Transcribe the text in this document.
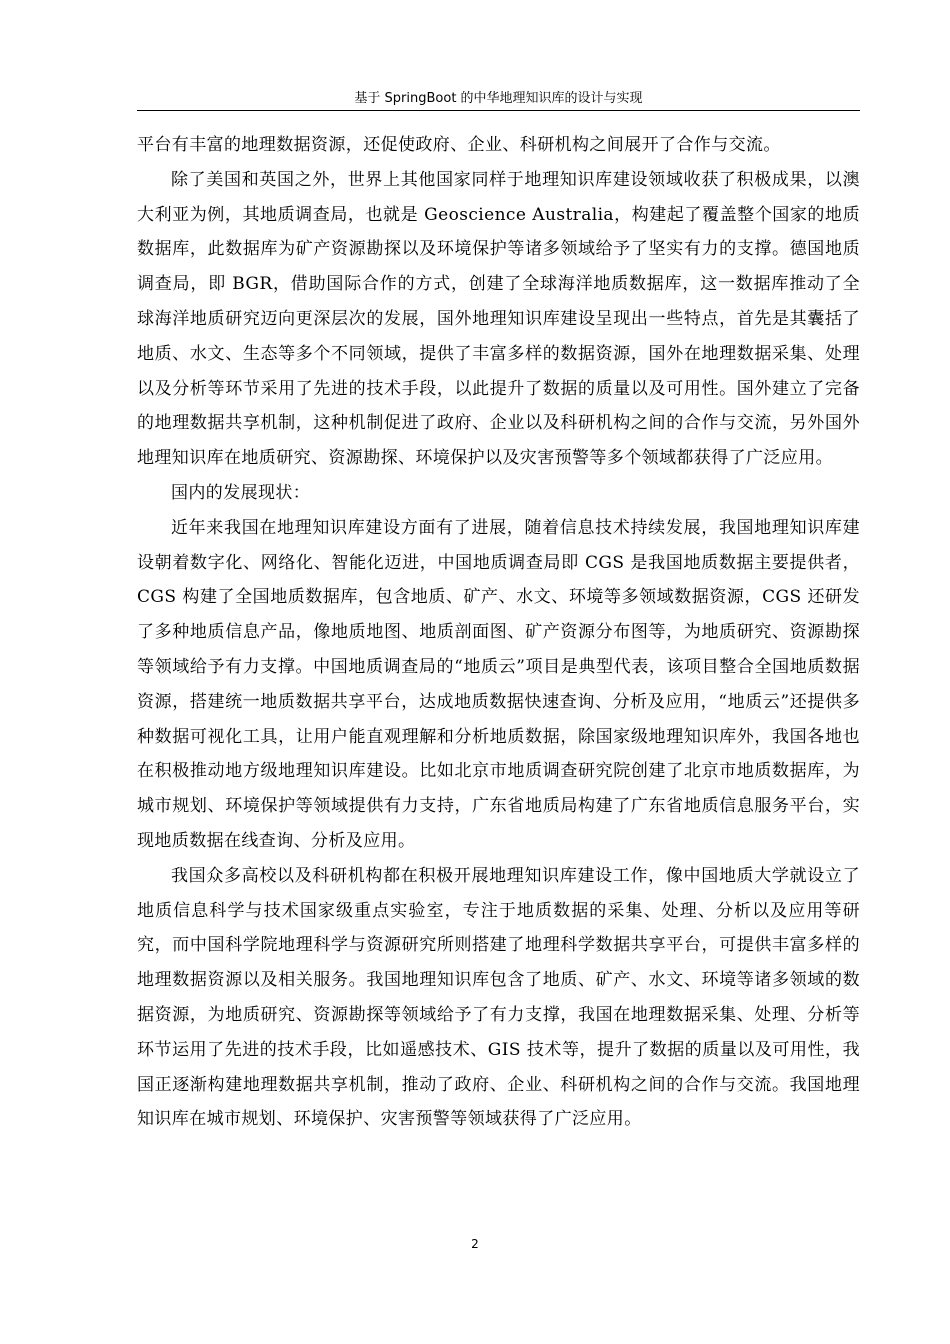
基于 SpringBoot 的中华地理知识库的设计与实现

平台有丰富的地理数据资源，还促使政府、企业、科研机构之间展开了合作与交流。

除了美国和英国之外，世界上其他国家同样于地理知识库建设领域收获了积极成果，以澳大利亚为例，其地质调查局，也就是 Geoscience Australia，构建起了覆盖整个国家的地质数据库，此数据库为矿产资源勘探以及环境保护等诸多领域给予了坚实有力的支撑。德国地质调查局，即 BGR，借助国际合作的方式，创建了全球海洋地质数据库，这一数据库推动了全球海洋地质研究迈向更深层次的发展，国外地理知识库建设呈现出一些特点，首先是其囊括了地质、水文、生态等多个不同领域，提供了丰富多样的数据资源，国外在地理数据采集、处理以及分析等环节采用了先进的技术手段，以此提升了数据的质量以及可用性。国外建立了完备的地理数据共享机制，这种机制促进了政府、企业以及科研机构之间的合作与交流，另外国外地理知识库在地质研究、资源勘探、环境保护以及灾害预警等多个领域都获得了广泛应用。

国内的发展现状：

近年来我国在地理知识库建设方面有了进展，随着信息技术持续发展，我国地理知识库建设朝着数字化、网络化、智能化迈进，中国地质调查局即 CGS 是我国地质数据主要提供者，CGS 构建了全国地质数据库，包含地质、矿产、水文、环境等多领域数据资源，CGS 还研发了多种地质信息产品，像地质地图、地质剖面图、矿产资源分布图等，为地质研究、资源勘探等领域给予有力支撑。中国地质调查局的“地质云”项目是典型代表，该项目整合全国地质数据资源，搭建统一地质数据共享平台，达成地质数据快速查询、分析及应用，“地质云”还提供多种数据可视化工具，让用户能直观理解和分析地质数据，除国家级地理知识库外，我国各地也在积极推动地方级地理知识库建设。比如北京市地质调查研究院创建了北京市地质数据库，为城市规划、环境保护等领域提供有力支持，广东省地质局构建了广东省地质信息服务平台，实现地质数据在线查询、分析及应用。

我国众多高校以及科研机构都在积极开展地理知识库建设工作，像中国地质大学就设立了地质信息科学与技术国家级重点实验室，专注于地质数据的采集、处理、分析以及应用等研究，而中国科学院地理科学与资源研究所则搭建了地理科学数据共享平台，可提供丰富多样的地理数据资源以及相关服务。我国地理知识库包含了地质、矿产、水文、环境等诸多领域的数据资源，为地质研究、资源勘探等领域给予了有力支撑，我国在地理数据采集、处理、分析等环节运用了先进的技术手段，比如遥感技术、GIS 技术等，提升了数据的质量以及可用性，我国正逐渐构建地理数据共享机制，推动了政府、企业、科研机构之间的合作与交流。我国地理知识库在城市规划、环境保护、灾害预警等领域获得了广泛应用。

2
